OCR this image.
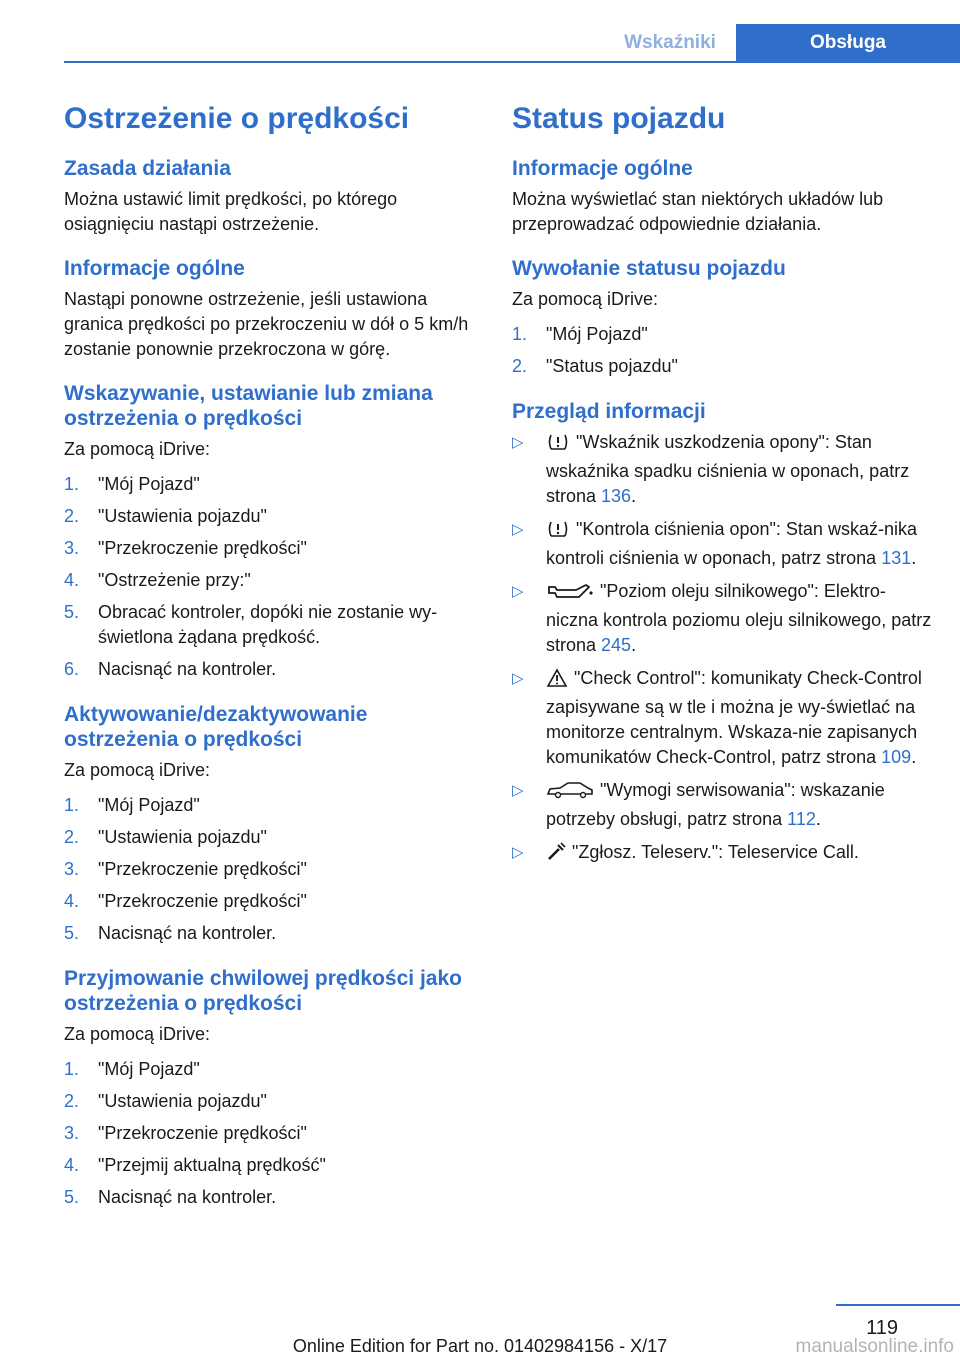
Wskaźniki	Obsługa
Ostrzeżenie o prędkości
Zasada działania

Można ustawić limit prędkości, po którego osiągnięciu nastąpi ostrzeżenie.

Informacje ogólne

Nastąpi ponowne ostrzeżenie, jeśli ustawiona granica prędkości po przekroczeniu w dół o 5 km/h zostanie ponownie przekroczona w górę.

Wskazywanie, ustawianie lub zmiana ostrzeżenia o prędkości

Za pomocą iDrive:

1. "Mój Pojazd"
2. "Ustawienia pojazdu"
3. "Przekroczenie prędkości"
4. "Ostrzeżenie przy:"
5. Obracać kontroler, dopóki nie zostanie wy‐świetlona żądana prędkość.
6. Nacisnąć na kontroler.
Aktywowanie/dezaktywowanie ostrzeżenia o prędkości

Za pomocą iDrive:

1. "Mój Pojazd"
2. "Ustawienia pojazdu"
3. "Przekroczenie prędkości"
4. "Przekroczenie prędkości"
5. Nacisnąć na kontroler.
Przyjmowanie chwilowej prędkości jako ostrzeżenia o prędkości

Za pomocą iDrive:

1. "Mój Pojazd"
2. "Ustawienia pojazdu"
3. "Przekroczenie prędkości"
4. "Przejmij aktualną prędkość"
5. Nacisnąć na kontroler.
Status pojazdu
Informacje ogólne

Można wyświetlać stan niektórych układów lub przeprowadzać odpowiednie działania.

Wywołanie statusu pojazdu

Za pomocą iDrive:

1. "Mój Pojazd"
2. "Status pojazdu"
Przegląd informacji
▷	"Wskaźnik uszkodzenia opony": Stan wskaźnika spadku ciśnienia w oponach, patrz strona 136.
▷	"Kontrola ciśnienia opon": Stan wskaź‐nika kontroli ciśnienia w oponach, patrz strona 131.
▷	"Poziom oleju silnikowego": Elektro‐niczna kontrola poziomu oleju silnikowego, patrz strona 245.
▷	"Check Control": komunikaty Check-Control zapisywane są w tle i można je wy‐świetlać na monitorze centralnym. Wskaza‐nie zapisanych komunikatów Check-Control, patrz strona 109.
▷	"Wymogi serwisowania": wskazanie potrzeby obsługi, patrz strona 112.
▷	"Zgłosz. Teleserv.": Teleservice Call.
119
Online Edition for Part no. 01402984156 - X/17	manualsonline.info
